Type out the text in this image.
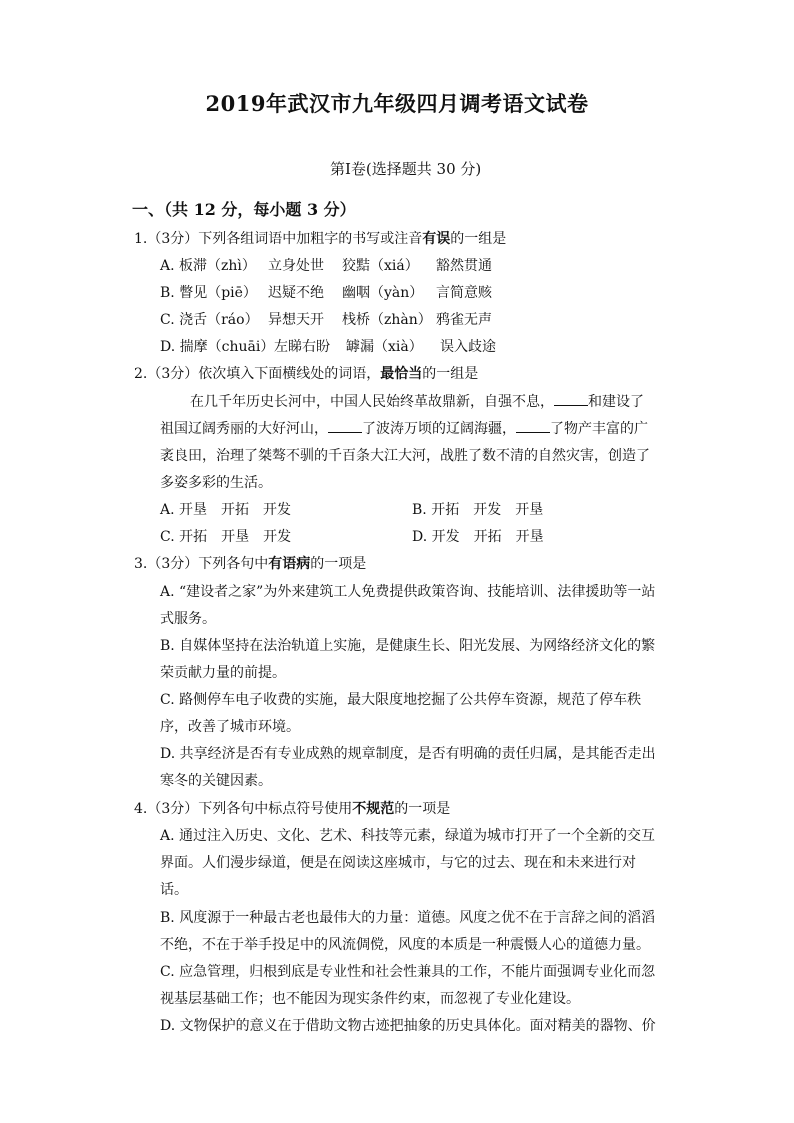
2019年武汉市九年级四月调考语文试卷
第Ⅰ卷(选择题共 30 分)
一、（共 12 分，每小题 3 分）
1.（3分）下列各组词语中加粗字的书写或注音有误的一组是
A. 板滞（zhì） 立身处世 狡黠（xiá） 豁然贯通
B. 瞥见（piē） 迟疑不绝 幽咽（yàn） 言简意赅
C. 浇舌（ráo） 异想天开 栈桥（zhàn） 鸦雀无声
D. 揣摩（chuāi） 左睇右盼 罅漏（xià） 误入歧途
2.（3分）依次填入下面横线处的词语，最恰当的一组是
在几千年历史长河中，中国人民始终革故鼎新，自强不息， 和建设了
祖国辽阔秀丽的大好河山， 了波涛万顷的辽阔海疆， 了物产丰富的广
袤良田，治理了桀骜不驯的千百条大江大河，战胜了数不清的自然灾害，创造了
多姿多彩的生活。
A. 开垦　开拓　开发	B. 开拓　开发　开垦
C. 开拓　开垦　开发	D. 开发　开拓　开垦
3.（3分）下列各句中有语病的一项是
A. “建设者之家”为外来建筑工人免费提供政策咨询、技能培训、法律援助等一站
式服务。
B. 自媒体坚持在法治轨道上实施，是健康生长、阳光发展、为网络经济文化的繁
荣贡献力量的前提。
C. 路侧停车电子收费的实施，最大限度地挖掘了公共停车资源，规范了停车秩
序，改善了城市环境。
D. 共享经济是否有专业成熟的规章制度，是否有明确的责任归属，是其能否走出
寒冬的关键因素。
4.（3分）下列各句中标点符号使用不规范的一项是
A. 通过注入历史、文化、艺术、科技等元素，绿道为城市打开了一个全新的交互
界面。人们漫步绿道，便是在阅读这座城市，与它的过去、现在和未来进行对
话。
B. 风度源于一种最古老也最伟大的力量：道德。风度之优不在于言辞之间的滔滔
不绝，不在于举手投足中的风流倜傥，风度的本质是一种震慑人心的道德力量。
C. 应急管理，归根到底是专业性和社会性兼具的工作，不能片面强调专业化而忽
视基层基础工作；也不能因为现实条件约束，而忽视了专业化建设。
D. 文物保护的意义在于借助文物古迹把抽象的历史具体化。面对精美的器物、价
